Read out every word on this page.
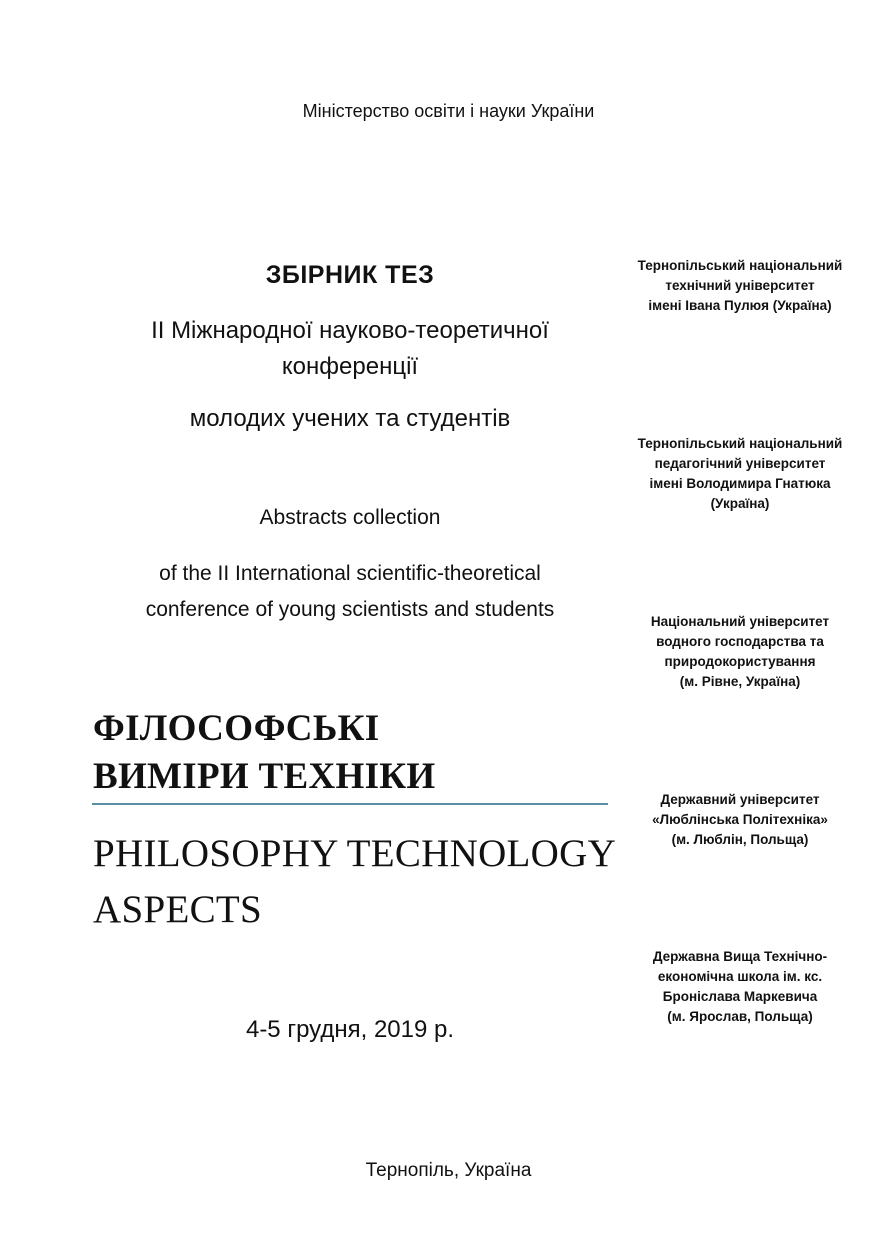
Міністерство освіти і науки України
ЗБІРНИК ТЕЗ
ІІ Міжнародної науково-теоретичної
конференції
молодих учених та студентів
Abstracts collection
of the II International scientific-theoretical
conference of young scientists and students
ФІЛОСОФСЬКІ
ВИМІРИ ТЕХНІКИ
PHILOSOPHY TECHNOLOGY
ASPECTS
4-5 грудня, 2019 р.
Тернопіль, Україна
Тернопільський національний
технічний університет
імені Івана Пулюя (Україна)
Тернопільський національний
педагогічний університет
імені Володимира Гнатюка
(Україна)
Національний університет
водного господарства та
природокористування
(м. Рівне, Україна)
Державний університет
«Люблінська Політехніка»
(м. Люблін, Польща)
Державна Вища Технічно-
економічна школа ім. кс.
Броніслава Маркевича
(м. Ярослав, Польща)
